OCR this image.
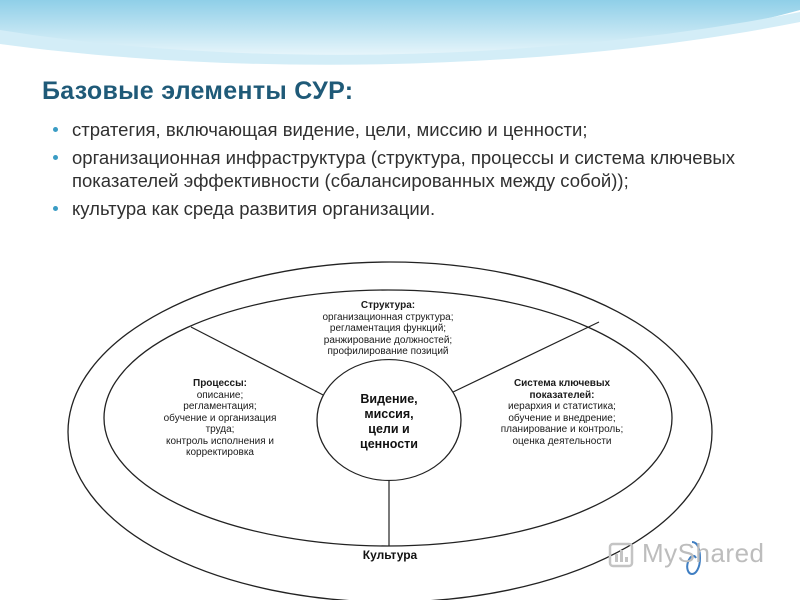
Базовые элементы СУР:
стратегия, включающая видение, цели, миссию и ценности;
организационная инфраструктура (структура, процессы и система ключевых показателей эффективности (сбалансированных между собой));
культура как среда развития организации.
Структура:
организационная структура;
регламентация функций;
ранжирование должностей;
профилирование позиций
Процессы:
описание;
регламентация;
обучение и организация
труда;
контроль исполнения и
корректировка
Система ключевых
показателей:
иерархия и статистика;
обучение и внедрение;
планирование и контроль;
оценка деятельности
Видение,
миссия,
цели и
ценности
Культура	MyShared
